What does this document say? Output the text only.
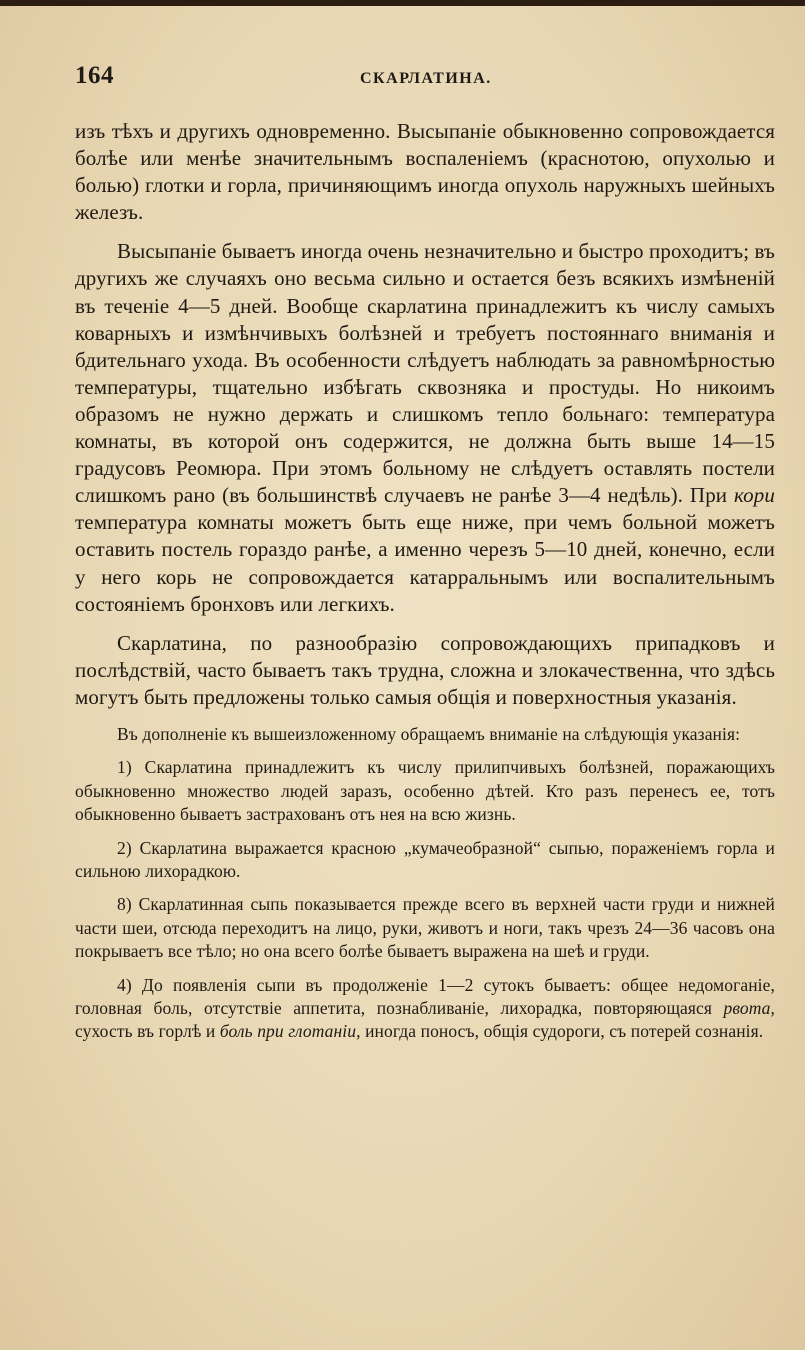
164	СКАРЛАТИНА.

изъ тѣхъ и другихъ одновременно. Высыпаніе обыкновенно сопровождается болѣе или менѣе значительнымъ воспаленіемъ (краснотою, опухолью и болью) глотки и горла, причиняющимъ иногда опухоль наружныхъ шейныхъ железъ.

Высыпаніе бываетъ иногда очень незначительно и быстро проходитъ; въ другихъ же случаяхъ оно весьма сильно и остается безъ всякихъ измѣненій въ теченіе 4—5 дней. Вообще скарлатина принадлежитъ къ числу самыхъ коварныхъ и измѣнчивыхъ болѣзней и требуетъ постояннаго вниманія и бдительнаго ухода. Въ особенности слѣдуетъ наблюдать за равномѣрностью температуры, тщательно избѣгать сквозняка и простуды. Но никоимъ образомъ не нужно держать и слишкомъ тепло больнаго: температура комнаты, въ которой онъ содержится, не должна быть выше 14—15 градусовъ Реомюра. При этомъ больному не слѣдуетъ оставлять постели слишкомъ рано (въ большинствѣ случаевъ не ранѣе 3—4 недѣль). При кори температура комнаты можетъ быть еще ниже, при чемъ больной можетъ оставить постель гораздо ранѣе, а именно черезъ 5—10 дней, конечно, если у него корь не сопровождается катарральнымъ или воспалительнымъ состояніемъ бронховъ или легкихъ.

Скарлатина, по разнообразію сопровождающихъ припадковъ и послѣдствій, часто бываетъ такъ трудна, сложна и злокачественна, что здѣсь могутъ быть предложены только самыя общія и поверхностныя указанія.

Въ дополненіе къ вышеизложенному обращаемъ вниманіе на слѣдующія указанія:

1) Скарлатина принадлежитъ къ числу прилипчивыхъ болѣзней, поражающихъ обыкновенно множество людей заразъ, особенно дѣтей. Кто разъ перенесъ ее, тотъ обыкновенно бываетъ застрахованъ отъ нея на всю жизнь.

2) Скарлатина выражается красною „кумачеобразной“ сыпью, пораженіемъ горла и сильною лихорадкою.

8) Скарлатинная сыпь показывается прежде всего въ верхней части груди и нижней части шеи, отсюда переходитъ на лицо, руки, животъ и ноги, такъ чрезъ 24—36 часовъ она покрываетъ все тѣло; но она всего болѣе бываетъ выражена на шеѣ и груди.

4) До появленія сыпи въ продолженіе 1—2 сутокъ бываетъ: общее недомоганіе, головная боль, отсутствіе аппетита, познабливаніе, лихорадка, повторяющаяся рвота, сухость въ горлѣ и боль при глотаніи, иногда поносъ, общія судороги, съ потерей сознанія.
